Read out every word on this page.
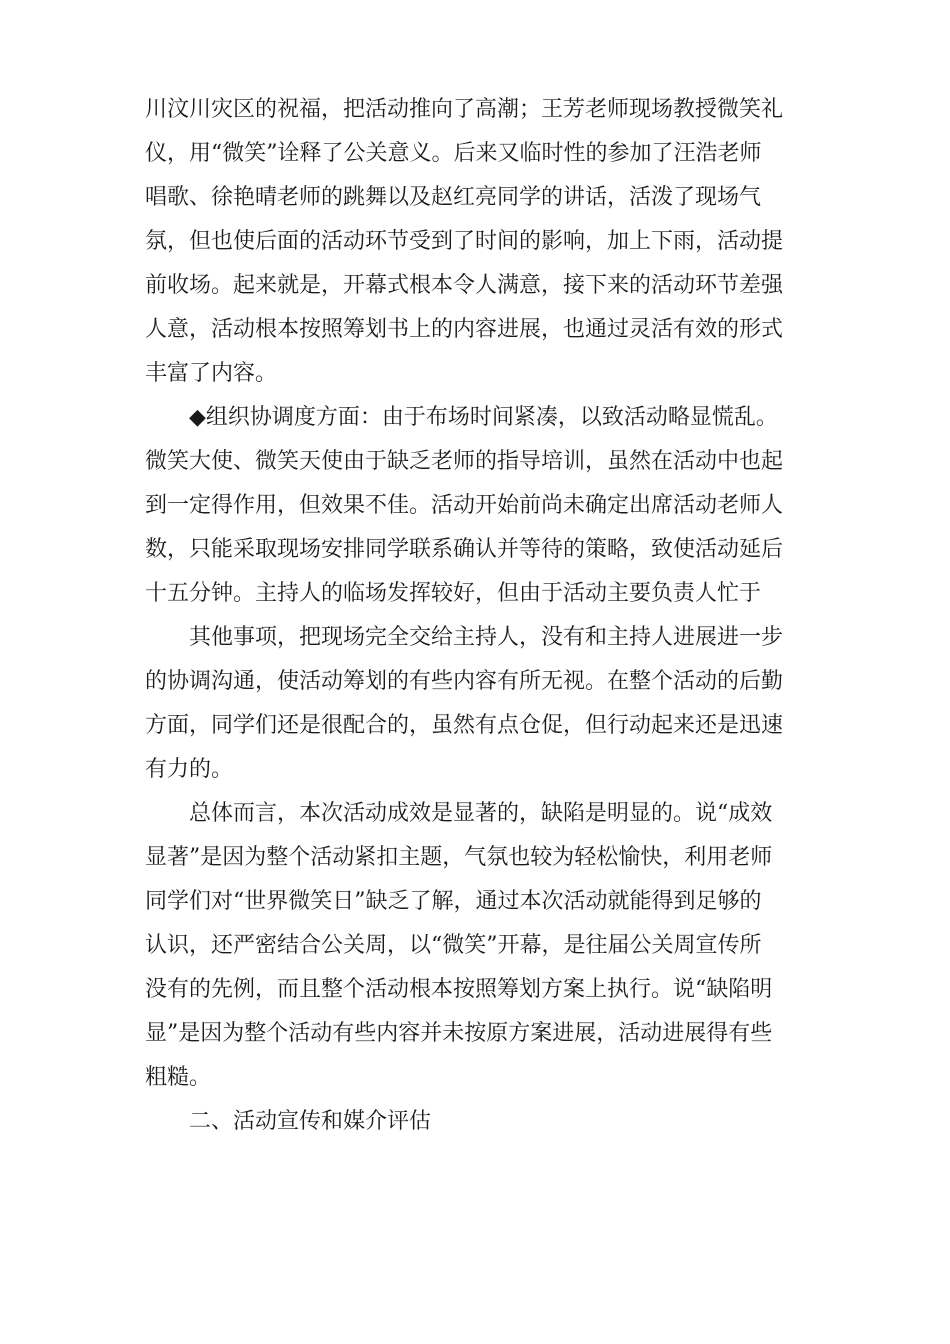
川汶川灾区的祝福，把活动推向了高潮；王芳老师现场教授微笑礼
仪，用“微笑”诠释了公关意义。后来又临时性的参加了汪浩老师
唱歌、徐艳晴老师的跳舞以及赵红亮同学的讲话，活泼了现场气
氛，但也使后面的活动环节受到了时间的影响，加上下雨，活动提
前收场。起来就是，开幕式根本令人满意，接下来的活动环节差强
人意，活动根本按照筹划书上的内容进展，也通过灵活有效的形式
丰富了内容。
◆组织协调度方面：由于布场时间紧凑，以致活动略显慌乱。
微笑大使、微笑天使由于缺乏老师的指导培训，虽然在活动中也起
到一定得作用，但效果不佳。活动开始前尚未确定出席活动老师人
数，只能采取现场安排同学联系确认并等待的策略，致使活动延后
十五分钟。主持人的临场发挥较好，但由于活动主要负责人忙于
其他事项，把现场完全交给主持人，没有和主持人进展进一步
的协调沟通，使活动筹划的有些内容有所无视。在整个活动的后勤
方面，同学们还是很配合的，虽然有点仓促，但行动起来还是迅速
有力的。
总体而言，本次活动成效是显著的，缺陷是明显的。说“成效
显著”是因为整个活动紧扣主题，气氛也较为轻松愉快，利用老师
同学们对“世界微笑日”缺乏了解，通过本次活动就能得到足够的
认识，还严密结合公关周，以“微笑”开幕，是往届公关周宣传所
没有的先例，而且整个活动根本按照筹划方案上执行。说“缺陷明
显”是因为整个活动有些内容并未按原方案进展，活动进展得有些
粗糙。
二、活动宣传和媒介评估
